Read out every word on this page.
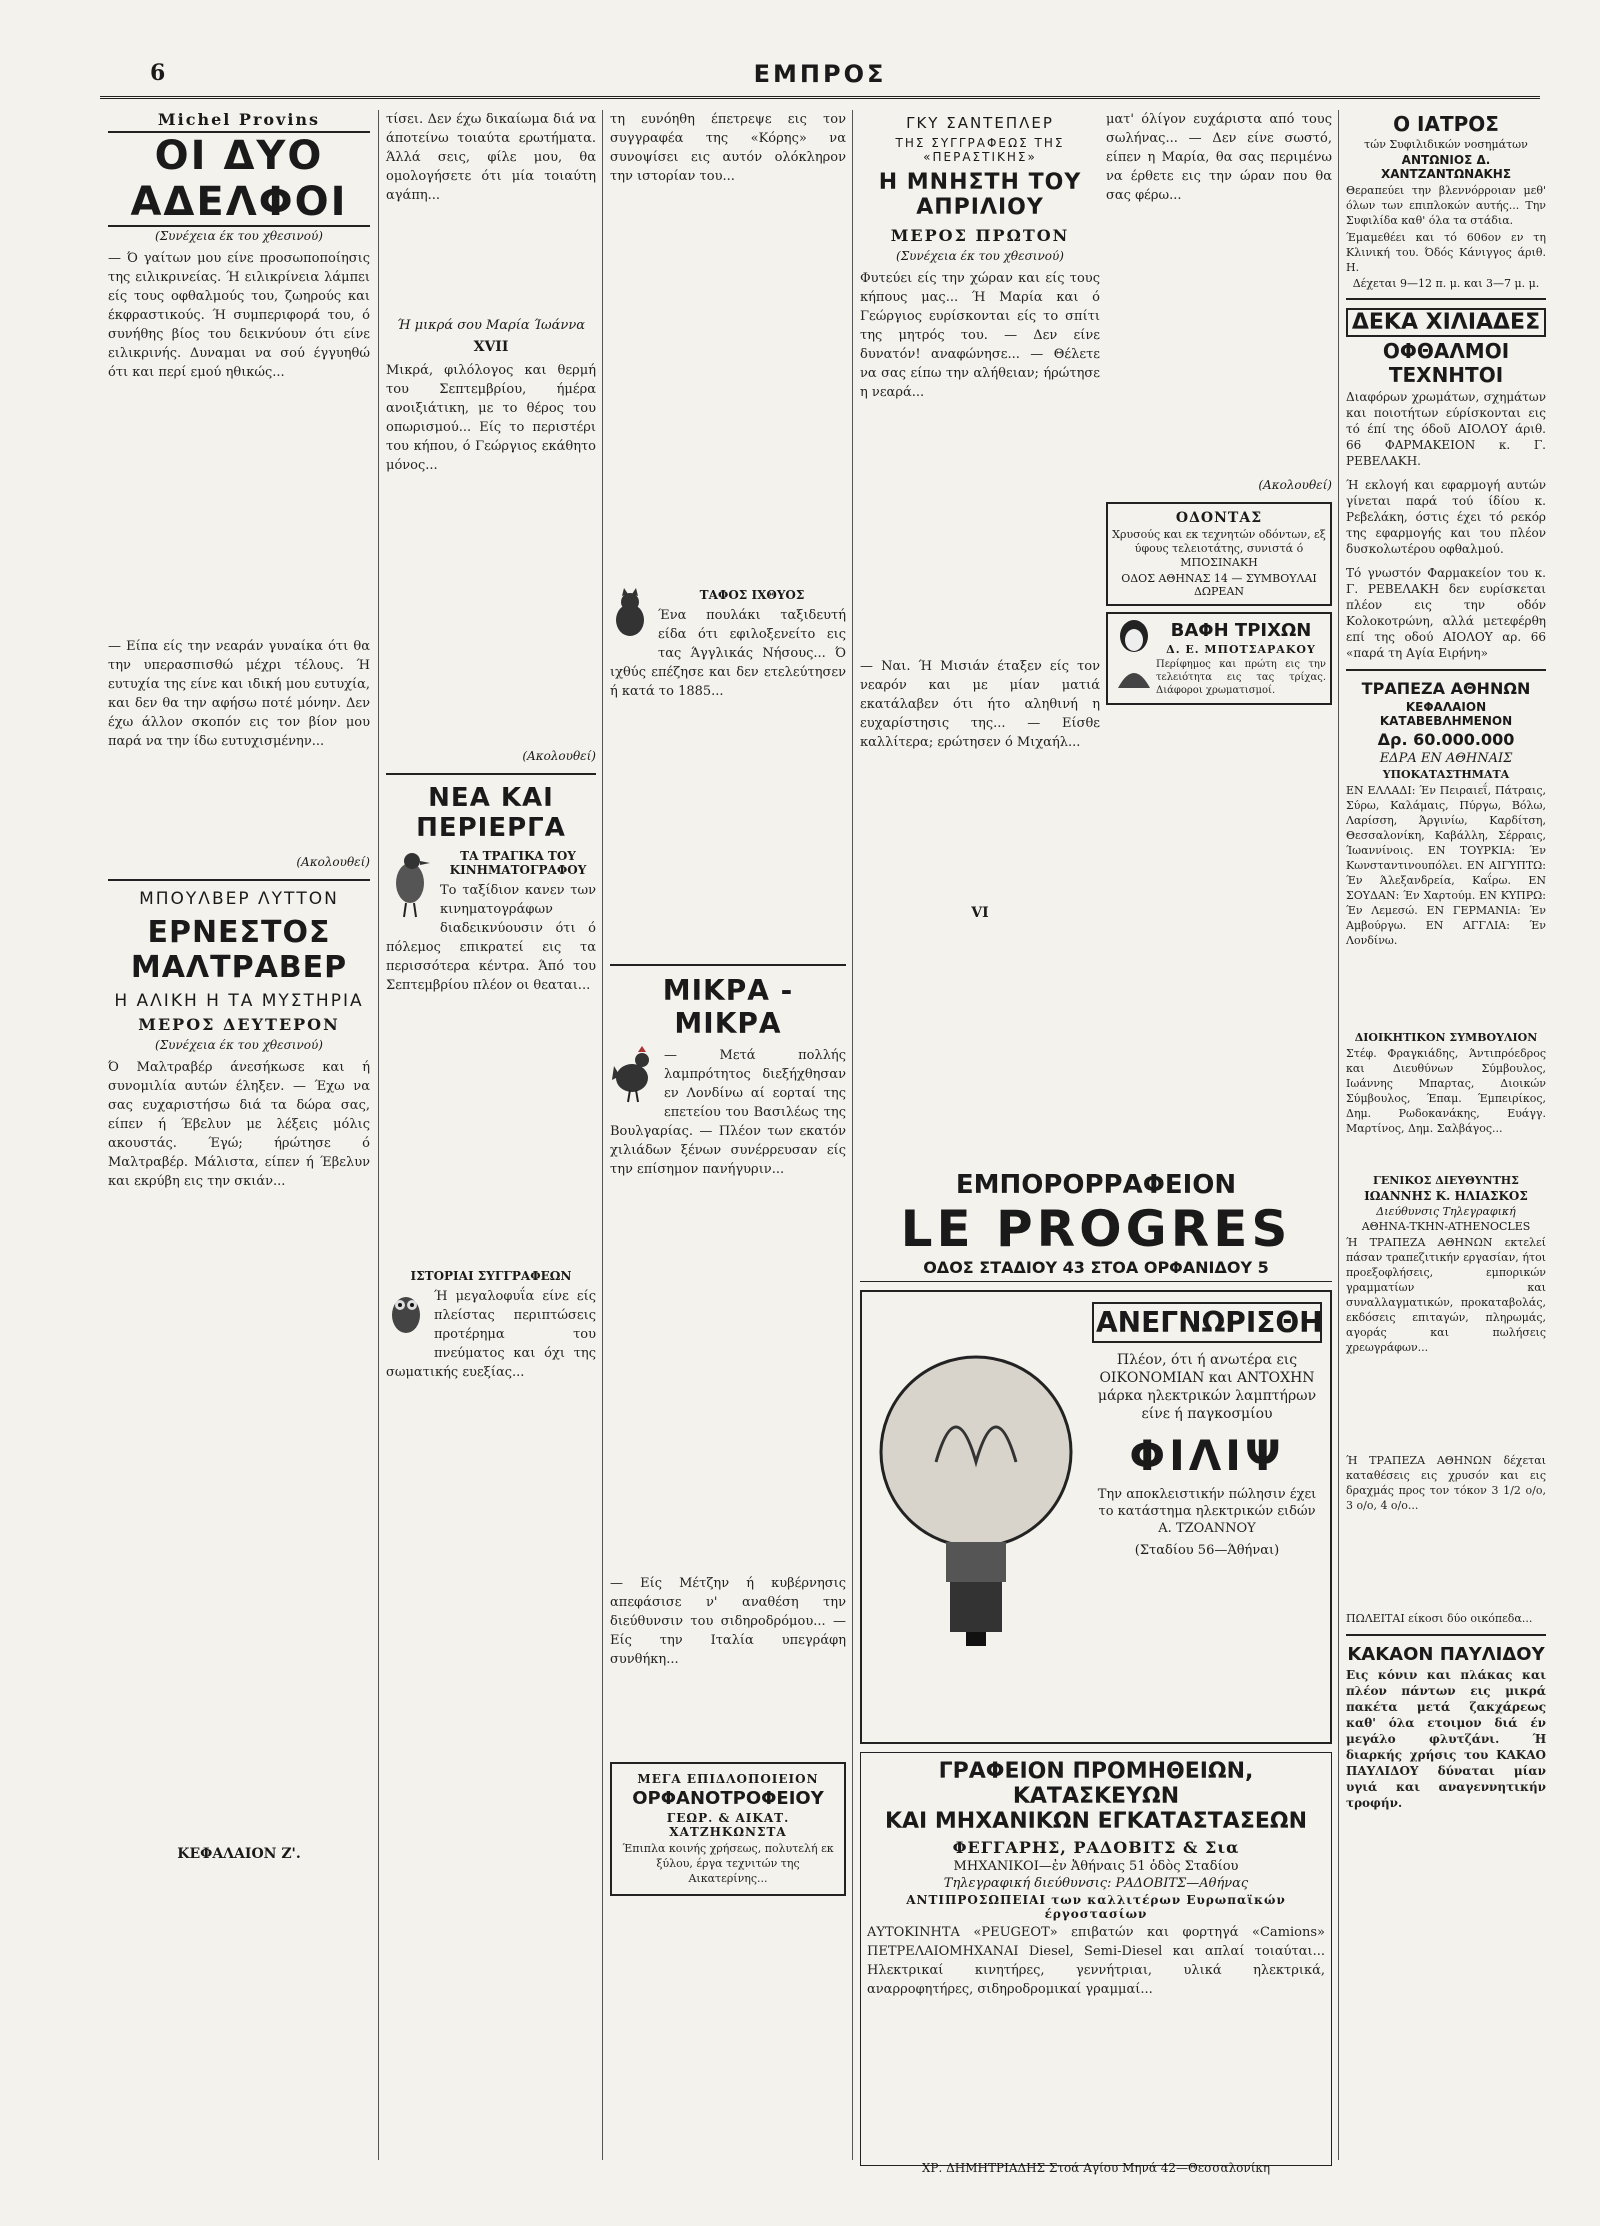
6	ΕΜΠΡΟΣ

Michel Provins

ΟΙ ΔΥΟ ΑΔΕΛΦΟΙ

(Συνέχεια έκ του χθεσινού)

— Ό γαίτων μου είνε προσωποποίησις της ειλικρινείας. Ή ειλικρίνεια λάμπει είς τους οφθαλμούς του, ζωηρούς και έκφραστικούς. Ή συμπεριφορά του, ό συνήθης βίος του δεικνύουν ότι είνε ειλικρινής. Δυναμαι να σού έγγυηθώ ότι και περί εμού ηθικώς...

— Είπα είς την νεαράν γυναίκα ότι θα την υπερασπισθώ μέχρι τέλους. Ή ευτυχία της είνε και ιδική μου ευτυχία, και δεν θα την αφήσω ποτέ μόνην. Δεν έχω άλλον σκοπόν εις τον βίον μου παρά να την ίδω ευτυχισμένην...

(Ακολουθεί)

ΜΠΟΥΛΒΕΡ ΛΥΤΤΟΝ

ΕΡΝΕΣΤΟΣ ΜΑΛΤΡΑΒΕΡ

Η ΑΛΙΚΗ Η ΤΑ ΜΥΣΤΗΡΙΑ

ΜΕΡΟΣ ΔΕΥΤΕΡΟΝ

(Συνέχεια έκ του χθεσινού)

Ό Μαλτραβέρ άνεσήκωσε και ή συνομιλία αυτών έληξεν. — Έχω να σας ευχαριστήσω διά τα δώρα σας, είπεν ή Έβελυν με λέξεις μόλις ακουστάς. Έγώ; ήρώτησε ό Μαλτραβέρ. Μάλιστα, είπεν ή Έβελυν και εκρύβη εις την σκιάν...

ΚΕΦΑΛΑΙΟΝ Ζ'.

τίσει. Δεν έχω δικαίωμα διά να άποτείνω τοιαύτα ερωτήματα. Άλλά σεις, φίλε μου, θα ομολογήσετε ότι μία τοιαύτη αγάπη...

Ή μικρά σου Μαρία Ίωάννα

XVII

Μικρά, φιλόλογος και θερμή του Σεπτεμβρίου, ήμέρα ανοιξιάτικη, με το θέρος του οπωρισμού... Είς το περιστέρι του κήπου, ό Γεώργιος εκάθητο μόνος...

(Ακολουθεί)

ΝΕΑ ΚΑΙ ΠΕΡΙΕΡΓΑ

ΤΑ ΤΡΑΓΙΚΑ ΤΟΥ ΚΙΝΗΜΑΤΟΓΡΑΦΟΥ

Το ταξίδιον κανεν των κινηματογράφων διαδεικνύουσιν ότι ό πόλεμος επικρατεί εις τα περισσότερα κέντρα. Άπό του Σεπτεμβρίου πλέον οι θεαται...

ΙΣΤΟΡΙΑΙ ΣΥΓΓΡΑΦΕΩΝ

Ή μεγαλοφυΐα είνε είς πλείστας περιπτώσεις προτέρημα του πνεύματος και όχι της σωματικής ευεξίας...

τη ευνόηθη έπετρεψε εις τον συγγραφέα της «Κόρης» να συνοψίσει εις αυτόν ολόκληρον την ιστορίαν του...

ΤΑΦΟΣ ΙΧΘΥΟΣ

Ένα πουλάκι ταξιδευτή είδα ότι εφιλοξενείτο εις τας Άγγλικάς Νήσους... Ό ιχθύς επέζησε και δεν ετελεύτησεν ή κατά το 1885...

ΜΙΚΡΑ - ΜΙΚΡΑ

— Μετά πολλής λαμπρότητος διεξήχθησαν εν Λονδίνω αί εορταί της επετείου του Βασιλέως της Βουλγαρίας. — Πλέον των εκατόν χιλιάδων ξένων συνέρρευσαν είς την επίσημον πανήγυριν...

— Είς Μέτζην ή κυβέρνησις απεφάσισε ν' αναθέση την διεύθυνσιν του σιδηροδρόμου... — Είς την Ιταλία υπεγράφη συνθήκη...

ΜΕΓΑ ΕΠΙΔΛΟΠΟΙΕΙΟΝ

ΟΡΦΑΝΟΤΡΟΦΕΙΟΥ

ΓΕΩΡ. & ΑΙΚΑΤ. ΧΑΤΖΗΚΩΝΣΤΑ

Έπιπλα κοινής χρήσεως, πολυτελή εκ ξύλου, έργα τεχνιτών της Αικατερίνης...

ΓΚΥ ΣΑΝΤΕΠΛΕΡ

ΤΗΣ ΣΥΓΓΡΑΦΕΩΣ ΤΗΣ «ΠΕΡΑΣΤΙΚΗΣ»

Η ΜΝΗΣΤΗ ΤΟΥ ΑΠΡΙΛΙΟΥ

ΜΕΡΟΣ ΠΡΩΤΟΝ

(Συνέχεια έκ του χθεσινού)

Φυτεύει είς την χώραν και είς τους κήπους μας... Ή Μαρία και ό Γεώργιος ευρίσκονται είς το σπίτι της μητρός του. — Δεν είνε δυνατόν! αναφώνησε... — Θέλετε να σας είπω την αλήθειαν; ήρώτησε η νεαρά...

— Ναι. Ή Μισιάν έταξεν είς τον νεαρόν και με μίαν ματιά εκατάλαβεν ότι ήτο αληθινή η ευχαρίστησις της... — Είσθε καλλίτερα; ερώτησεν ό Μιχαήλ...

VI

ματ' όλίγον ευχάριστα από τους σωλήνας... — Δεν είνε σωστό, είπεν η Μαρία, θα σας περιμένω να έρθετε εις την ώραν που θα σας φέρω...

(Ακολουθεί)

ΟΔΟΝΤΑΣ

Χρυσούς και εκ τεχνητών οδόντων, εξ ύφους τελειοτάτης, συνιστά ό ΜΠΟΣΙΝΑΚΗ

ΟΔΟΣ ΑΘΗΝΑΣ 14 — ΣΥΜΒΟΥΛΑΙ ΔΩΡΕΑΝ

ΒΑΦΗ ΤΡΙΧΩΝ

Δ. Ε. ΜΠΟΤΣΑΡΑΚΟΥ

Περίφημος και πρώτη εις την τελειότητα εις τας τρίχας. Διάφοροι χρωματισμοί.

ΕΜΠΟΡΟΡΡΑΦΕΙΟΝ

LE PROGRES

ΟΔΟΣ ΣΤΑΔΙΟΥ 43 ΣΤΟΑ ΟΡΦΑΝΙΔΟΥ 5

ΑΝΕΓΝΩΡΙΣΘΗ

Πλέον, ότι ή ανωτέρα εις ΟΙΚΟΝΟΜΙΑΝ και ΑΝΤΟΧΗΝ μάρκα ηλεκτρικών λαμπτήρων είνε ή παγκοσμίου

ΦΙΛΙΨ

Την αποκλειστικήν πώλησιν έχει το κατάστημα ηλεκτρικών ειδών Α. ΤΖΟΑΝΝΟΥ

(Σταδίου 56—Άθήναι)

ΓΡΑΦΕΙΟΝ ΠΡΟΜΗΘΕΙΩΝ, ΚΑΤΑΣΚΕΥΩΝ

ΚΑΙ ΜΗΧΑΝΙΚΩΝ ΕΓΚΑΤΑΣΤΑΣΕΩΝ

ΦΕΓΓΑΡΗΣ, ΡΑΔΟΒΙΤΣ & Σια

ΜΗΧΑΝΙΚΟΙ—ἐν Ἀθήναις 51 ὁδὸς Σταδίου

Τηλεγραφική διεύθυνσις: ΡΑΔΟΒΙΤΣ—Αθήνας

ΑΝΤΙΠΡΟΣΩΠΕΙΑΙ των καλλιτέρων Ευρωπαϊκών έργοστασίων

ΑΥΤΟΚΙΝΗΤΑ «PEUGEOT» επιβατών και φορτηγά «Camions» ΠΕΤΡΕΛΑΙΟΜΗΧΑΝΑΙ Diesel, Semi-Diesel και απλαί τοιαύται... Ηλεκτρικαί κινητήρες, γεννήτριαι, υλικά ηλεκτρικά, αναρροφητήρες, σιδηροδρομικαί γραμμαί...

ΧΡ. ΔΗΜΗΤΡΙΑΔΗΣ Στοά Αγίου Μηνά 42—Θεσσαλονίκη

Ο ΙΑΤΡΟΣ

τών Συφιλιδικών νοσημάτων

ΑΝΤΩΝΙΟΣ Δ. ΧΑΝΤΖΑΝΤΩΝΑΚΗΣ

Θεραπεύει την βλεννόρροιαν μεθ' όλων των επιπλοκών αυτής... Την Συφιλίδα καθ' όλα τα στάδια.

Έμαμεθέει και τό 606ον εν τη Κλινική του. Όδός Κάνιγγος άριθ. Η.

Δέχεται 9—12 π. μ. και 3—7 μ. μ.

ΔΕΚΑ ΧΙΛΙΑΔΕΣ

ΟΦΘΑΛΜΟΙ ΤΕΧΝΗΤΟΙ

Διαφόρων χρωμάτων, σχημάτων και ποιοτήτων εύρίσκονται εις τό έπί της όδοῦ ΑΙΟΛΟΥ άριθ. 66 ΦΑΡΜΑΚΕΙΟΝ κ. Γ. ΡΕΒΕΛΑΚΗ.

Ή εκλογή και εφαρμογή αυτών γίνεται παρά τού ίδίου κ. Ρεβελάκη, όστις έχει τό ρεκόρ της εφαρμογής και του πλέον δυσκολωτέρου οφθαλμού.

Τό γνωστόν Φαρμακείον του κ. Γ. ΡΕΒΕΛΑΚΗ δεν ευρίσκεται πλέον εις την οδόν Κολοκοτρώνη, αλλά μετεφέρθη επί της οδού ΑΙΟΛΟΥ αρ. 66 «παρά τη Αγία Ειρήνη»

ΤΡΑΠΕΖΑ ΑΘΗΝΩΝ

ΚΕΦΑΛΑΙΟΝ ΚΑΤΑΒΕΒΛΗΜΕΝΟΝ

Δρ. 60.000.000

ΕΔΡΑ ΕΝ ΑΘΗΝΑΙΣ

ΥΠΟΚΑΤΑΣΤΗΜΑΤΑ

ΕΝ ΕΛΛΑΔΙ: Έν Πειραιεΐ, Πάτραις, Σύρω, Καλάμαις, Πύργω, Βόλω, Λαρίσση, Άργινίω, Καρδίτση, Θεσσαλονίκη, Καβάλλη, Σέρραις, Ίωαννίνοις. ΕΝ ΤΟΥΡΚΙΑ: Έν Κωνσταντινουπόλει. ΕΝ ΑΙΓΥΠΤΩ: Έν Άλεξανδρεία, Καΐρω. ΕΝ ΣΟΥΔΑΝ: Έν Χαρτούμ. ΕΝ ΚΥΠΡΩ: Έν Λεμεσώ. ΕΝ ΓΕΡΜΑΝΙΑ: Έν Αμβούργω. ΕΝ ΑΓΓΛΙΑ: Έν Λονδίνω.

ΔΙΟΙΚΗΤΙΚΟΝ ΣΥΜΒΟΥΛΙΟΝ

Στέφ. Φραγκιάδης, Άντιπρόεδρος και Διευθύνων Σύμβουλος, Ιωάννης Μπαρτας, Διοικών Σύμβουλος, Έπαμ. Έμπειρίκος, Δημ. Ρωδοκανάκης, Ευάγγ. Μαρτίνος, Δημ. Σαλβάγος...

ΓΕΝΙΚΟΣ ΔΙΕΥΘΥΝΤΗΣ

ΙΩΑΝΝΗΣ Κ. ΗΛΙΑΣΚΟΣ

Διεύθυνσις Τηλεγραφική

ΑΘΗΝΑ-ΤΚΗΝ-ATHENOCLES

Ή ΤΡΑΠΕΖΑ ΑΘΗΝΩΝ εκτελεί πάσαν τραπεζιτικήν εργασίαν, ήτοι προεξοφλήσεις, εμπορικών γραμματίων και συναλλαγματικών, προκαταβολάς, εκδόσεις επιταγών, πληρωμάς, αγοράς και πωλήσεις χρεωγράφων...

Ή ΤΡΑΠΕΖΑ ΑΘΗΝΩΝ δέχεται καταθέσεις εις χρυσόν και εις δραχμάς προς τον τόκον 3 1/2 ο/ο, 3 ο/ο, 4 ο/ο...

ΠΩΛΕΙΤΑΙ είκοσι δύο οικόπεδα...

ΚΑΚΑΟΝ ΠΑΥΛΙΔΟΥ

Εις κόνιν και πλάκας και πλέον πάντων εις μικρά πακέτα μετά ζακχάρεως καθ' όλα ετοιμον διά έν μεγάλο φλυτζάνι. Ή διαρκής χρήσις του ΚΑΚΑΟ ΠΑΥΛΙΔΟΥ δύναται μίαν υγιά και αναγεννητικήν τροφήν.
